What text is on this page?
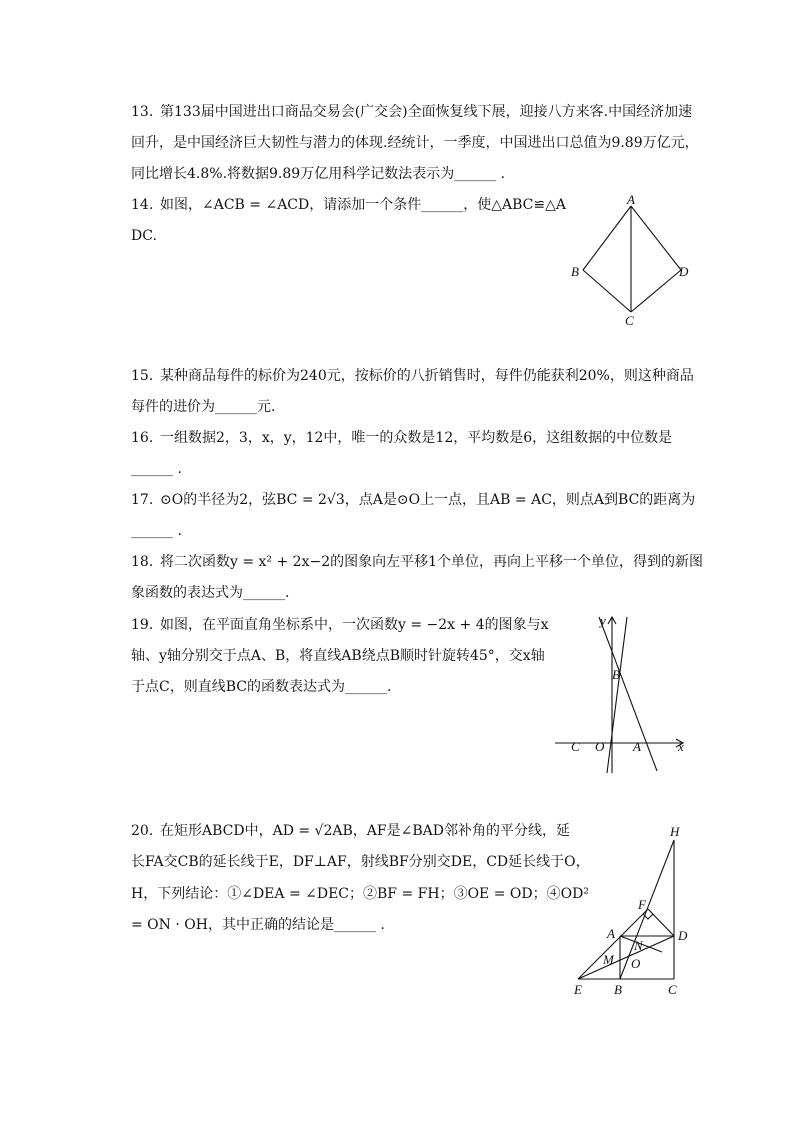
13. 第133届中国进出口商品交易会(广交会)全面恢复线下展，迎接八方来客.中国经济加速
回升，是中国经济巨大韧性与潜力的体现.经统计，一季度，中国进出口总值为9.89万亿元，
同比增长4.8%.将数据9.89万亿用科学记数法表示为______ .
14. 如图，∠ACB = ∠ACD，请添加一个条件______，使△ABC≌△A
DC.
A
B
C
D
15. 某种商品每件的标价为240元，按标价的八折销售时，每件仍能获利20%，则这种商品
每件的进价为______元.
16. 一组数据2，3，x，y，12中，唯一的众数是12，平均数是6，这组数据的中位数是
______ .
17. ⊙O的半径为2，弦BC = 2√3，点A是⊙O上一点，且AB = AC，则点A到BC的距离为
______ .
18. 将二次函数y = x² + 2x−2的图象向左平移1个单位，再向上平移一个单位，得到的新图
象函数的表达式为______.
19. 如图，在平面直角坐标系中，一次函数y = −2x + 4的图象与x
轴、y轴分别交于点A、B，将直线AB绕点B顺时针旋转45°，交x轴
于点C，则直线BC的函数表达式为______.
B
y
C O A	x
20. 在矩形ABCD中，AD = √2AB，AF是∠BAD邻补角的平分线，延
长FA交CB的延长线于E，DF⊥AF，射线BF分别交DE，CD延长线于O，
H，下列结论：①∠DEA = ∠DEC；②BF = FH；③OE = OD；④OD²
= ON · OH，其中正确的结论是______ .
H
F
A	D
N
M O
E B	C
